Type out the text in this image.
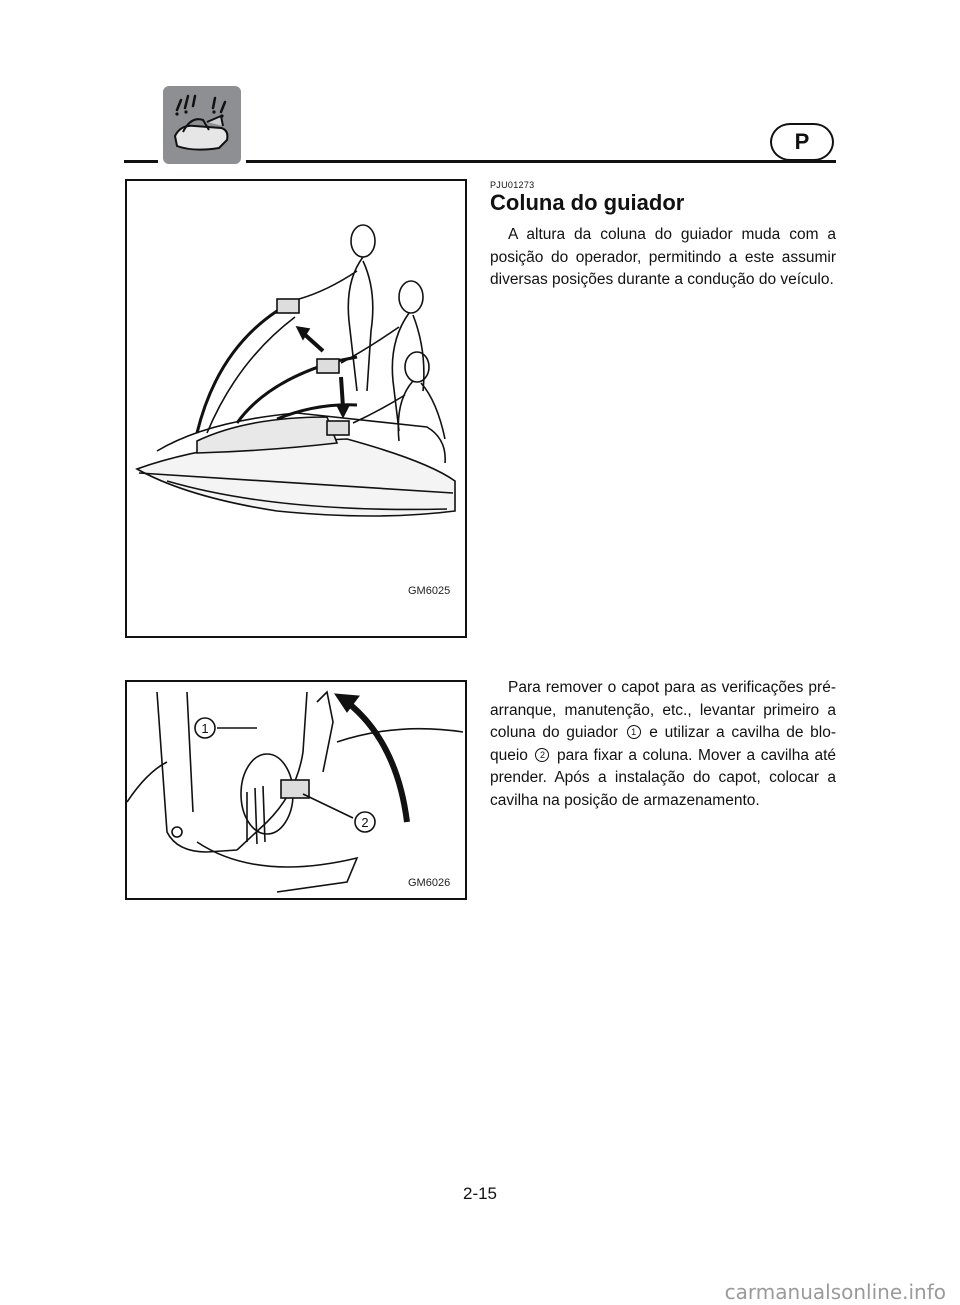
P
GM6025
1
2
GM6026
PJU01273
Coluna do guiador

A altura da coluna do guiador muda com a posição do operador, permitindo a este assumir diversas posições durante a condução do veículo.

Para remover o capot para as verificações pré-arranque, manutenção, etc., levantar primeiro a coluna do guiador 1 e utilizar a cavilha de blo-queio 2 para fixar a coluna. Mover a cavilha até prender. Após a instalação do capot, colocar a cavilha na posição de armazenamento.

2-15
carmanualsonline.info
